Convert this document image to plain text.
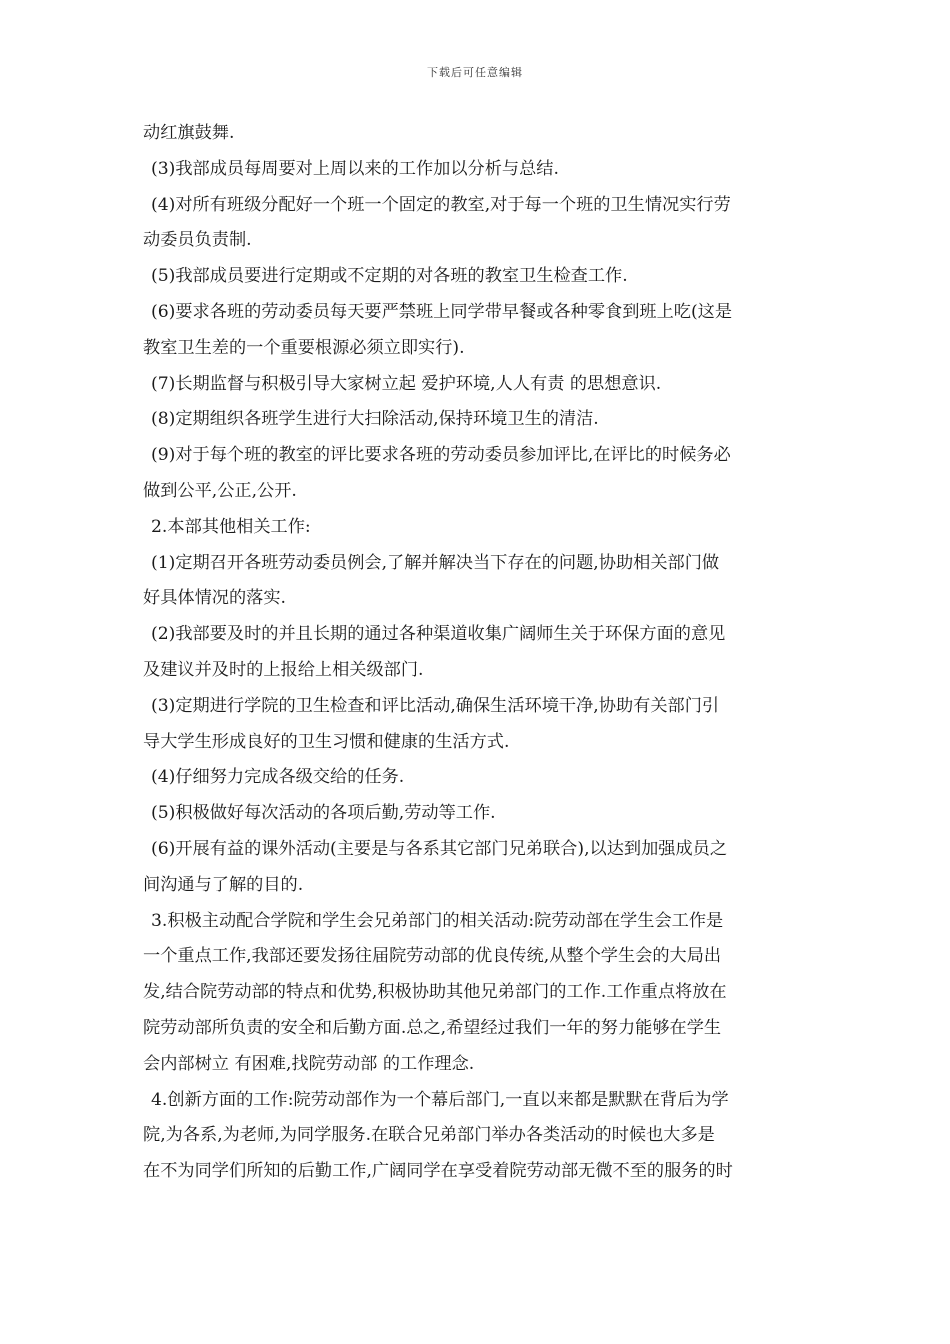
下载后可任意编辑
动红旗鼓舞.
(3)我部成员每周要对上周以来的工作加以分析与总结.
(4)对所有班级分配好一个班一个固定的教室,对于每一个班的卫生情况实行劳
动委员负责制.
(5)我部成员要进行定期或不定期的对各班的教室卫生检查工作.
(6)要求各班的劳动委员每天要严禁班上同学带早餐或各种零食到班上吃(这是
教室卫生差的一个重要根源必须立即实行).
(7)长期监督与积极引导大家树立起 爱护环境,人人有责 的思想意识.
(8)定期组织各班学生进行大扫除活动,保持环境卫生的清洁.
(9)对于每个班的教室的评比要求各班的劳动委员参加评比,在评比的时候务必
做到公平,公正,公开.
2.本部其他相关工作:
(1)定期召开各班劳动委员例会,了解并解决当下存在的问题,协助相关部门做
好具体情况的落实.
(2)我部要及时的并且长期的通过各种渠道收集广阔师生关于环保方面的意见
及建议并及时的上报给上相关级部门.
(3)定期进行学院的卫生检查和评比活动,确保生活环境干净,协助有关部门引
导大学生形成良好的卫生习惯和健康的生活方式.
(4)仔细努力完成各级交给的任务.
(5)积极做好每次活动的各项后勤,劳动等工作.
(6)开展有益的课外活动(主要是与各系其它部门兄弟联合),以达到加强成员之
间沟通与了解的目的.
3.积极主动配合学院和学生会兄弟部门的相关活动:院劳动部在学生会工作是
一个重点工作,我部还要发扬往届院劳动部的优良传统,从整个学生会的大局出
发,结合院劳动部的特点和优势,积极协助其他兄弟部门的工作.工作重点将放在
院劳动部所负责的安全和后勤方面.总之,希望经过我们一年的努力能够在学生
会内部树立 有困难,找院劳动部 的工作理念.
4.创新方面的工作:院劳动部作为一个幕后部门,一直以来都是默默在背后为学
院,为各系,为老师,为同学服务.在联合兄弟部门举办各类活动的时候也大多是
在不为同学们所知的后勤工作,广阔同学在享受着院劳动部无微不至的服务的时
